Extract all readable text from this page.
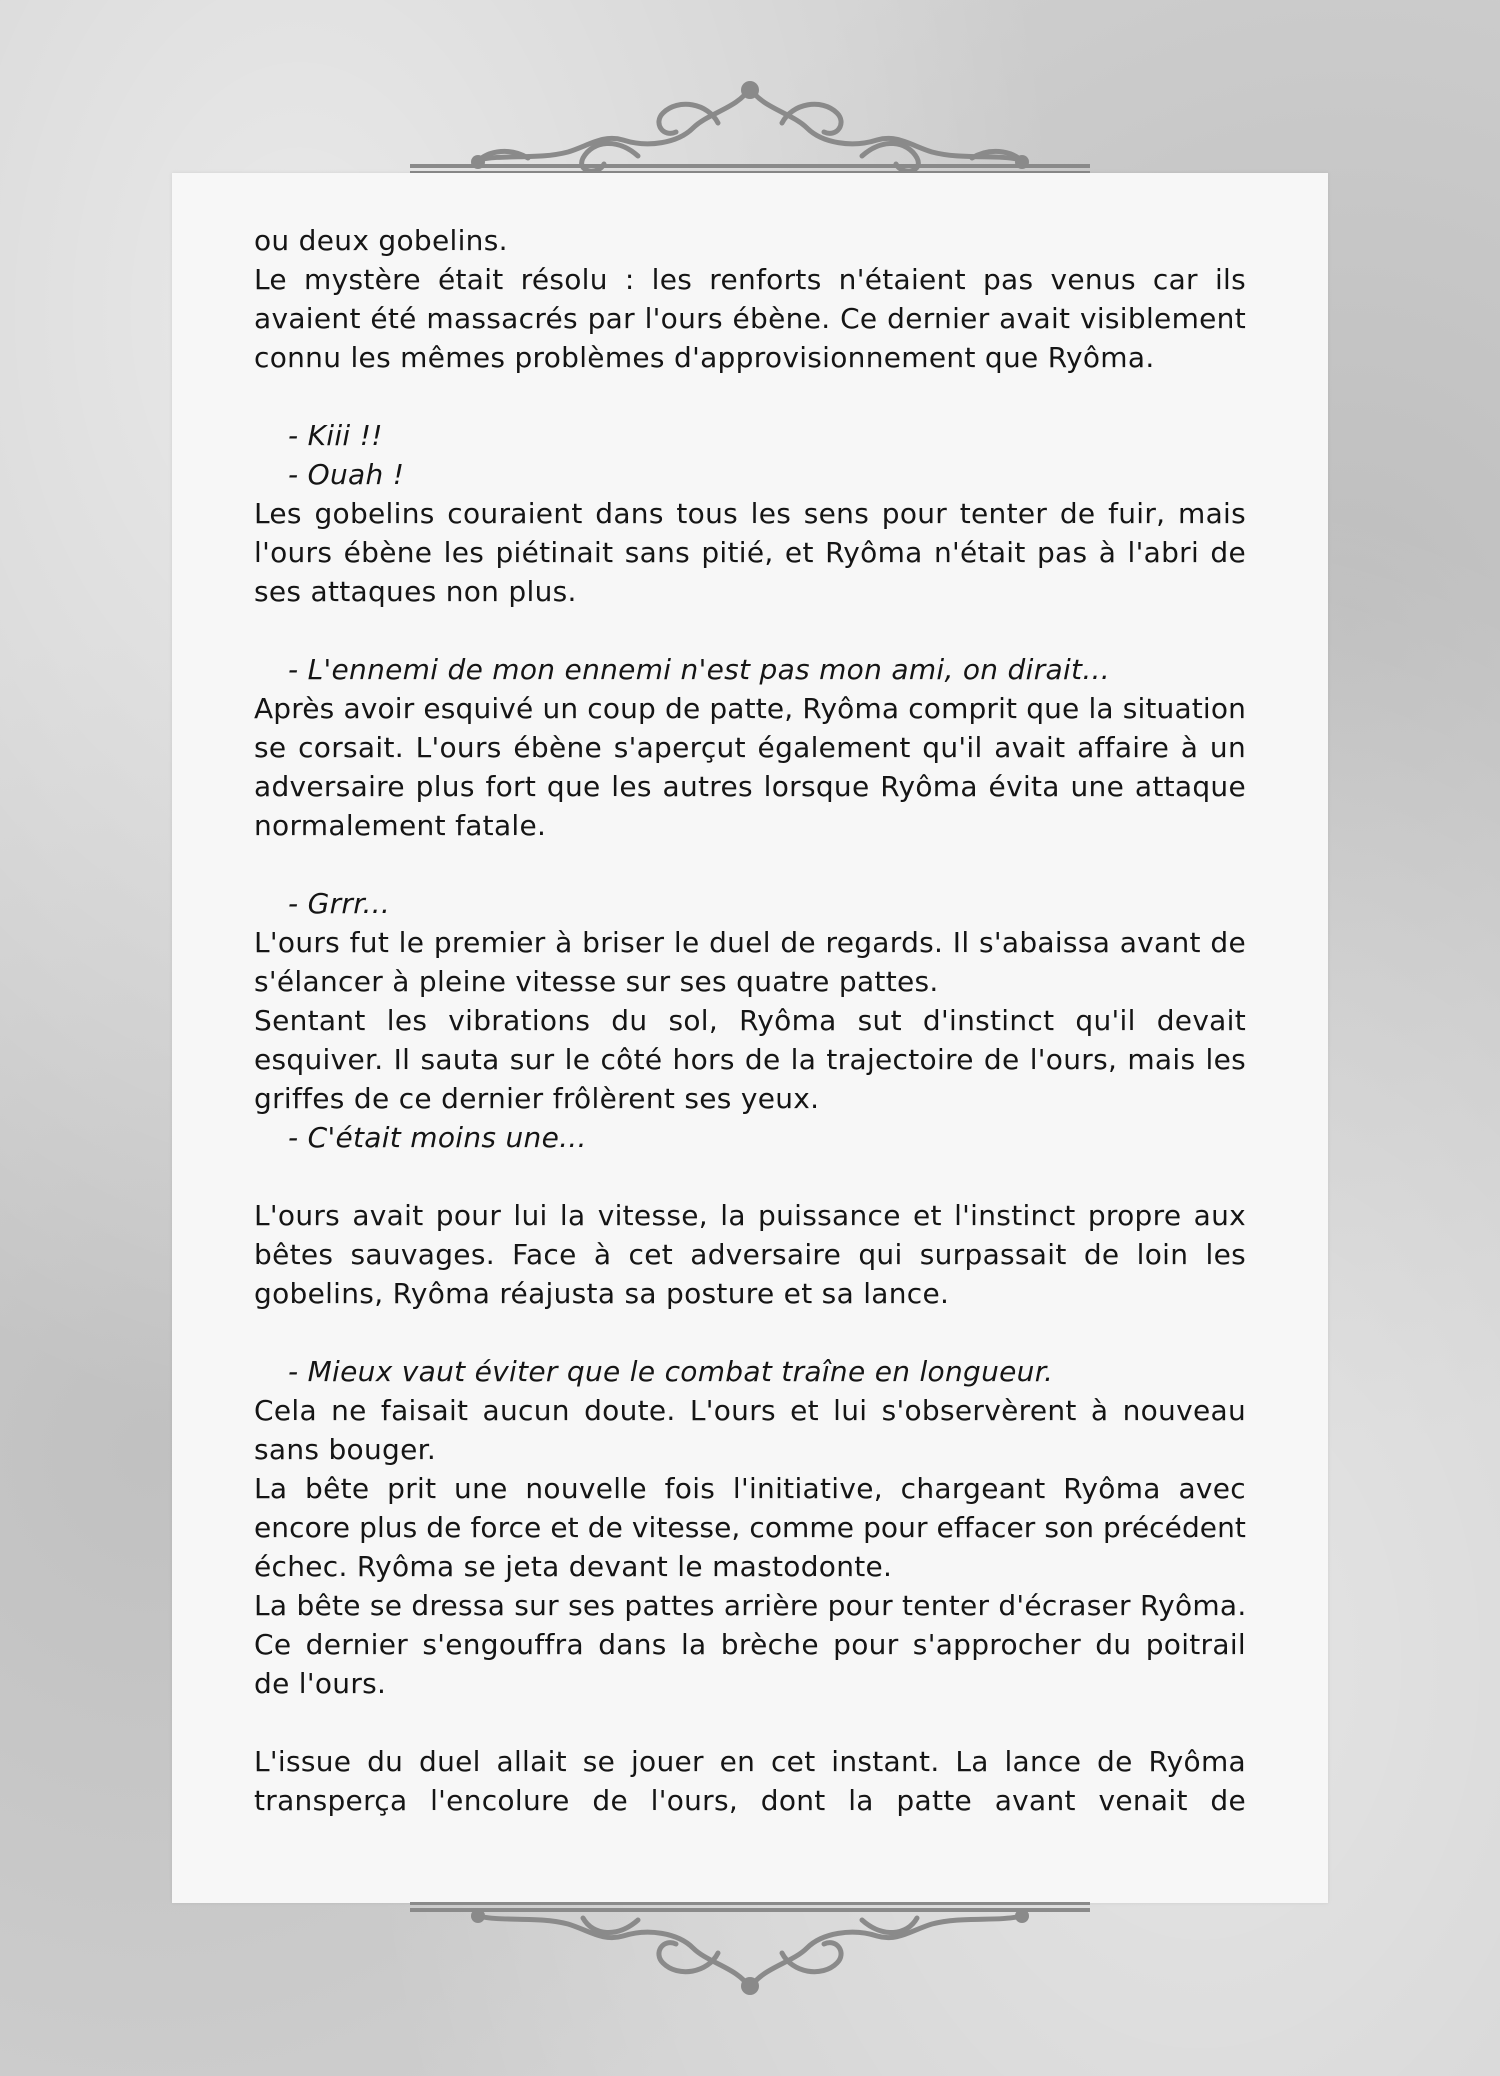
ou deux gobelins.
Le mystère était résolu : les renforts n'étaient pas venus car ils
avaient été massacrés par l'ours ébène. Ce dernier avait visiblement
connu les mêmes problèmes d'approvisionnement que Ryôma.
- Kiii !!
- Ouah !
Les gobelins couraient dans tous les sens pour tenter de fuir, mais
l'ours ébène les piétinait sans pitié, et Ryôma n'était pas à l'abri de
ses attaques non plus.
- L'ennemi de mon ennemi n'est pas mon ami, on dirait...
Après avoir esquivé un coup de patte, Ryôma comprit que la situation
se corsait. L'ours ébène s'aperçut également qu'il avait affaire à un
adversaire plus fort que les autres lorsque Ryôma évita une attaque
normalement fatale.
- Grrr...
L'ours fut le premier à briser le duel de regards. Il s'abaissa avant de
s'élancer à pleine vitesse sur ses quatre pattes.
Sentant les vibrations du sol, Ryôma sut d'instinct qu'il devait
esquiver. Il sauta sur le côté hors de la trajectoire de l'ours, mais les
griffes de ce dernier frôlèrent ses yeux.
- C'était moins une...
L'ours avait pour lui la vitesse, la puissance et l'instinct propre aux
bêtes sauvages. Face à cet adversaire qui surpassait de loin les
gobelins, Ryôma réajusta sa posture et sa lance.
- Mieux vaut éviter que le combat traîne en longueur.
Cela ne faisait aucun doute. L'ours et lui s'observèrent à nouveau
sans bouger.
La bête prit une nouvelle fois l'initiative, chargeant Ryôma avec
encore plus de force et de vitesse, comme pour effacer son précédent
échec. Ryôma se jeta devant le mastodonte.
La bête se dressa sur ses pattes arrière pour tenter d'écraser Ryôma.
Ce dernier s'engouffra dans la brèche pour s'approcher du poitrail
de l'ours.
L'issue du duel allait se jouer en cet instant. La lance de Ryôma
transperça l'encolure de l'ours, dont la patte avant venait de
